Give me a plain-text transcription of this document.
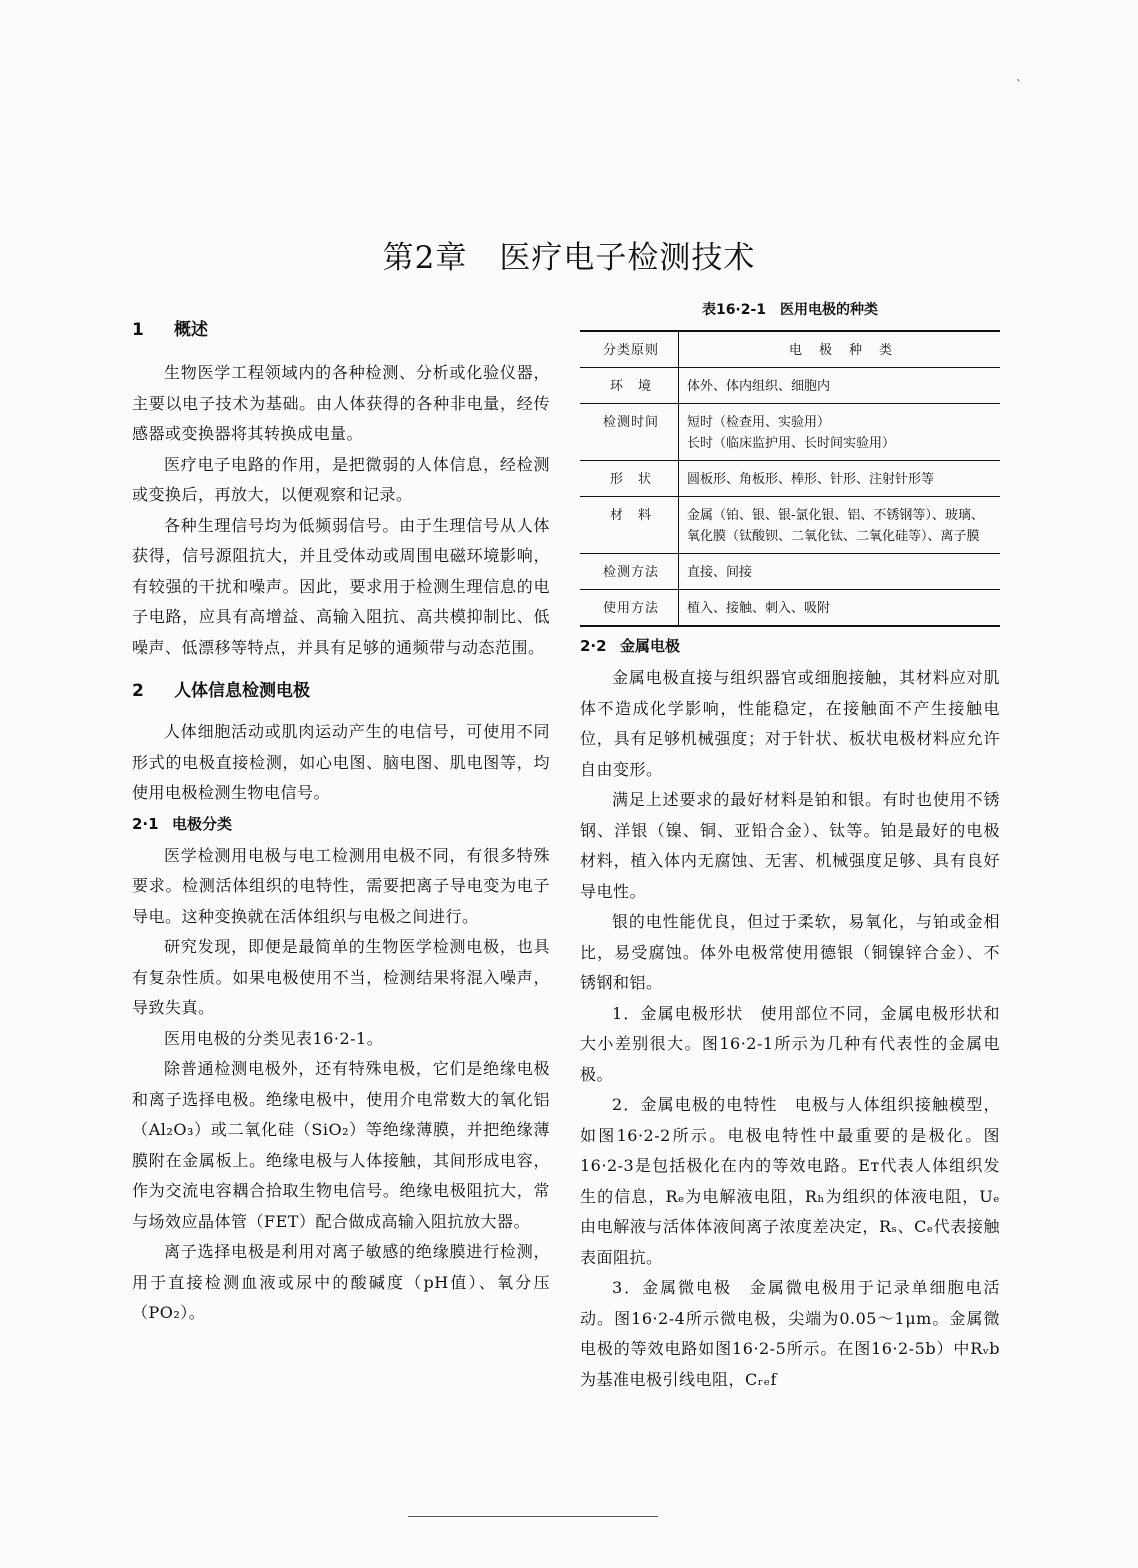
`
第2章　医疗电子检测技术
1 概述

生物医学工程领域内的各种检测、分析或化验仪器，主要以电子技术为基础。由人体获得的各种非电量，经传感器或变换器将其转换成电量。

医疗电子电路的作用，是把微弱的人体信息，经检测或变换后，再放大，以便观察和记录。

各种生理信号均为低频弱信号。由于生理信号从人体获得，信号源阻抗大，并且受体动或周围电磁环境影响，有较强的干扰和噪声。因此，要求用于检测生理信息的电子电路，应具有高增益、高输入阻抗、高共模抑制比、低噪声、低漂移等特点，并具有足够的通频带与动态范围。

2 人体信息检测电极

人体细胞活动或肌肉运动产生的电信号，可使用不同形式的电极直接检测，如心电图、脑电图、肌电图等，均使用电极检测生物电信号。

2·1 电极分类

医学检测用电极与电工检测用电极不同，有很多特殊要求。检测活体组织的电特性，需要把离子导电变为电子导电。这种变换就在活体组织与电极之间进行。

研究发现，即便是最简单的生物医学检测电极，也具有复杂性质。如果电极使用不当，检测结果将混入噪声，导致失真。

医用电极的分类见表16·2-1。

除普通检测电极外，还有特殊电极，它们是绝缘电极和离子选择电极。绝缘电极中，使用介电常数大的氧化铝（Al₂O₃）或二氧化硅（SiO₂）等绝缘薄膜，并把绝缘薄膜附在金属板上。绝缘电极与人体接触，其间形成电容，作为交流电容耦合拾取生物电信号。绝缘电极阻抗大，常与场效应晶体管（FET）配合做成高输入阻抗放大器。

离子选择电极是利用对离子敏感的绝缘膜进行检测，用于直接检测血液或尿中的酸碱度（pH值）、氧分压（PO₂）。

表16·2-1　医用电极的种类
分类原则	电　极　种　类
环　境	体外、体内组织、细胞内
检测时间	短时（检查用、实验用）
长时（临床监护用、长时间实验用）

形　状	圆板形、角板形、棒形、针形、注射针形等
材　料	金属（铂、银、银-氯化银、铝、不锈钢等）、玻璃、氧化膜（钛酸钡、二氧化钛、二氧化硅等）、离子膜
检测方法	直接、间接
使用方法	植入、接触、刺入、吸附
2·2 金属电极

金属电极直接与组织器官或细胞接触，其材料应对肌体不造成化学影响，性能稳定，在接触面不产生接触电位，具有足够机械强度；对于针状、板状电极材料应允许自由变形。

满足上述要求的最好材料是铂和银。有时也使用不锈钢、洋银（镍、铜、亚铅合金）、钛等。铂是最好的电极材料，植入体内无腐蚀、无害、机械强度足够、具有良好导电性。

银的电性能优良，但过于柔软，易氧化，与铂或金相比，易受腐蚀。体外电极常使用德银（铜镍锌合金）、不锈钢和铝。

1．金属电极形状　使用部位不同，金属电极形状和大小差别很大。图16·2-1所示为几种有代表性的金属电极。

2．金属电极的电特性　电极与人体组织接触模型，如图16·2-2所示。电极电特性中最重要的是极化。图16·2-3是包括极化在内的等效电路。Eᴛ代表人体组织发生的信息，Rₑ为电解液电阻，Rₕ为组织的体液电阻，Uₑ由电解液与活体体液间离子浓度差决定，Rₛ、Cₑ代表接触表面阻抗。

3．金属微电极　金属微电极用于记录单细胞电活动。图16·2-4所示微电极，尖端为0.05～1μm。金属微电极的等效电路如图16·2-5所示。在图16·2-5b）中Rᵥb为基准电极引线电阻，Cᵣₑf
